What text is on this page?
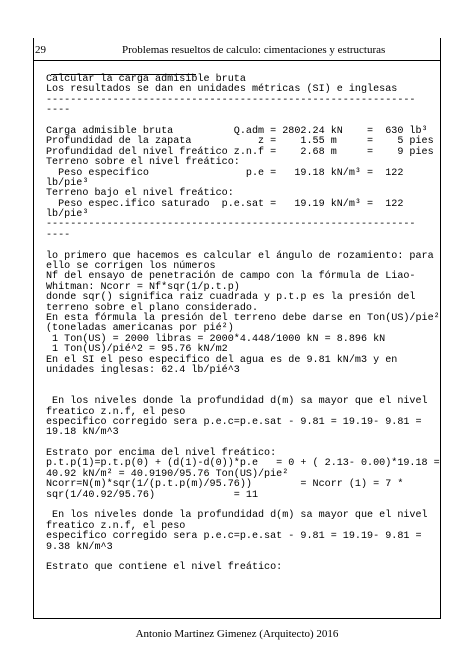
29	Problemas resueltos de calculo: cimentaciones y estructuras
Calcular la carga admisible bruta
Los resultados se dan en unidades métricas (SI) e inglesas
-------------------------------------------------------------
----
Carga admisible bruta          Q.adm = 2802.24 kN    =  630 lb³
Profundidad de la zapata           z =    1.55 m     =    5 pies
Profundidad del nivel freático z.n.f =    2.68 m     =    9 pies
Terreno sobre el nivel freático:
Peso especifico                p.e =   19.18 kN/m³ =  122
lb/pie³
Terreno bajo el nivel freático:
Peso espec.ifico saturado  p.e.sat =   19.19 kN/m³ =  122
lb/pie³
-------------------------------------------------------------
----
lo primero que hacemos es calcular el ángulo de rozamiento: para
ello se corrigen los números
Nf del ensayo de penetración de campo con la fórmula de Liao-
Whitman: Ncorr = Nf*sqr(1/p.t.p)
donde sqr() significa raiz cuadrada y p.t.p es la presión del
terreno sobre el plano considerado.
En esta fórmula la presión del terreno debe darse en Ton(US)/pie²
(toneladas americanas por pié²)
1 Ton(US) = 2000 libras = 2000*4.448/1000 kN = 8.896 kN
1 Ton(US)/pié^2 = 95.76 kN/m2
En el SI el peso especifico del agua es de 9.81 kN/m3 y en
unidades inglesas: 62.4 lb/pié^3
En los niveles donde la profundidad d(m) sa mayor que el nivel
freatico z.n.f, el peso
especifico corregido sera p.e.c=p.e.sat - 9.81 = 19.19- 9.81 =
19.18 kN/m^3
Estrato por encima del nivel freático:
p.t.p(1)=p.t.p(0) + (d(1)-d(0))*p.e   = 0 + ( 2.13- 0.00)*19.18 =
40.92 kN/m² = 40.9190/95.76 Ton(US)/pie²
Ncorr=N(m)*sqr(1/(p.t.p(m)/95.76))        = Ncorr (1) = 7 *
sqr(1/40.92/95.76)             = 11
En los niveles donde la profundidad d(m) sa mayor que el nivel
freatico z.n.f, el peso
especifico corregido sera p.e.c=p.e.sat - 9.81 = 19.19- 9.81 =
9.38 kN/m^3
Estrato que contiene el nivel freático:
Antonio Martinez Gimenez (Arquitecto) 2016
